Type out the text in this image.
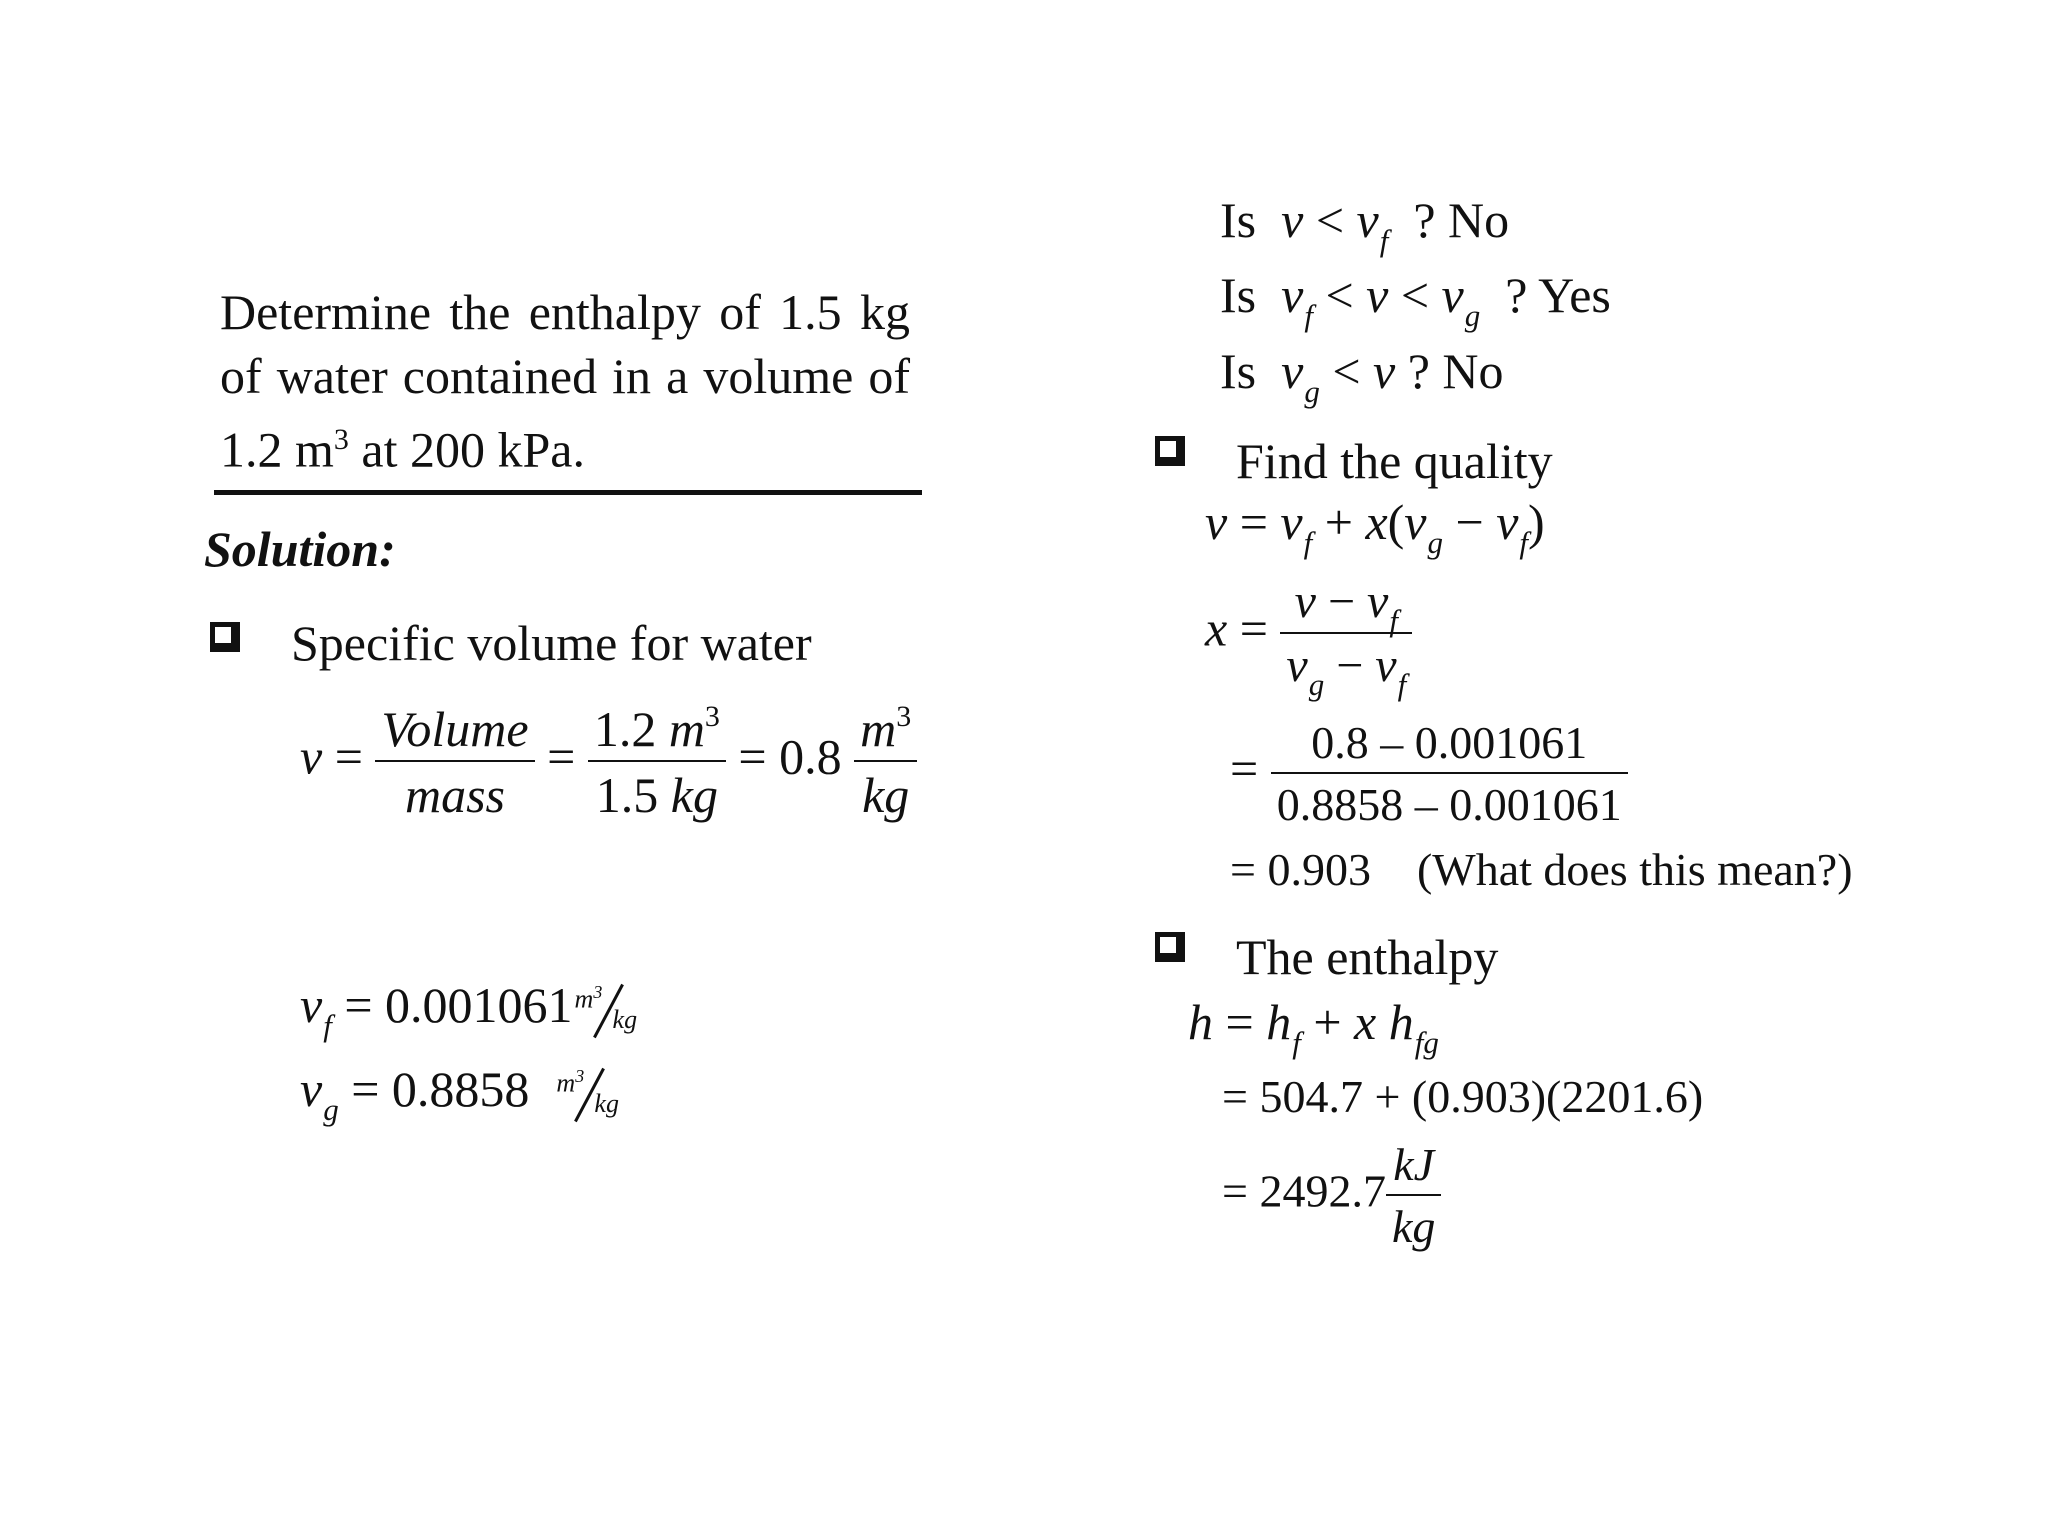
Determine the enthalpy of 1.5 kg of water contained in a volume of 1.2 $m^3$ at 200 kPa.
Solution:
Specific volume for water
$v = \frac{\text{Volume}}{\text{mass}} = \frac{1.2 m^3}{1.5 kg} = 0.8 \frac{m^3}{kg}$
$v_f = 0.001061$ $m^3$
kg
$v_g = 0.8858$ $m^3$
kg
Is $v < v_f$ ? No
Is $v_f < v < v_g$ ? Yes
Is $v_g < v$ ? No
Find the quality
$v = v_f + x(v_g - v_f)$
$x = \frac{v - v_f}{v_g - v_f}$
= $\frac{0.8 - 0.001061}{0.8858 - 0.001061}$
= 0.903 (What does this mean?)
The enthalpy
$h = h_f + x$ $h_{fg}$
= 504.7 + (0.903)(2201.6)
= $2492.7 \frac{kJ}{kg}$
